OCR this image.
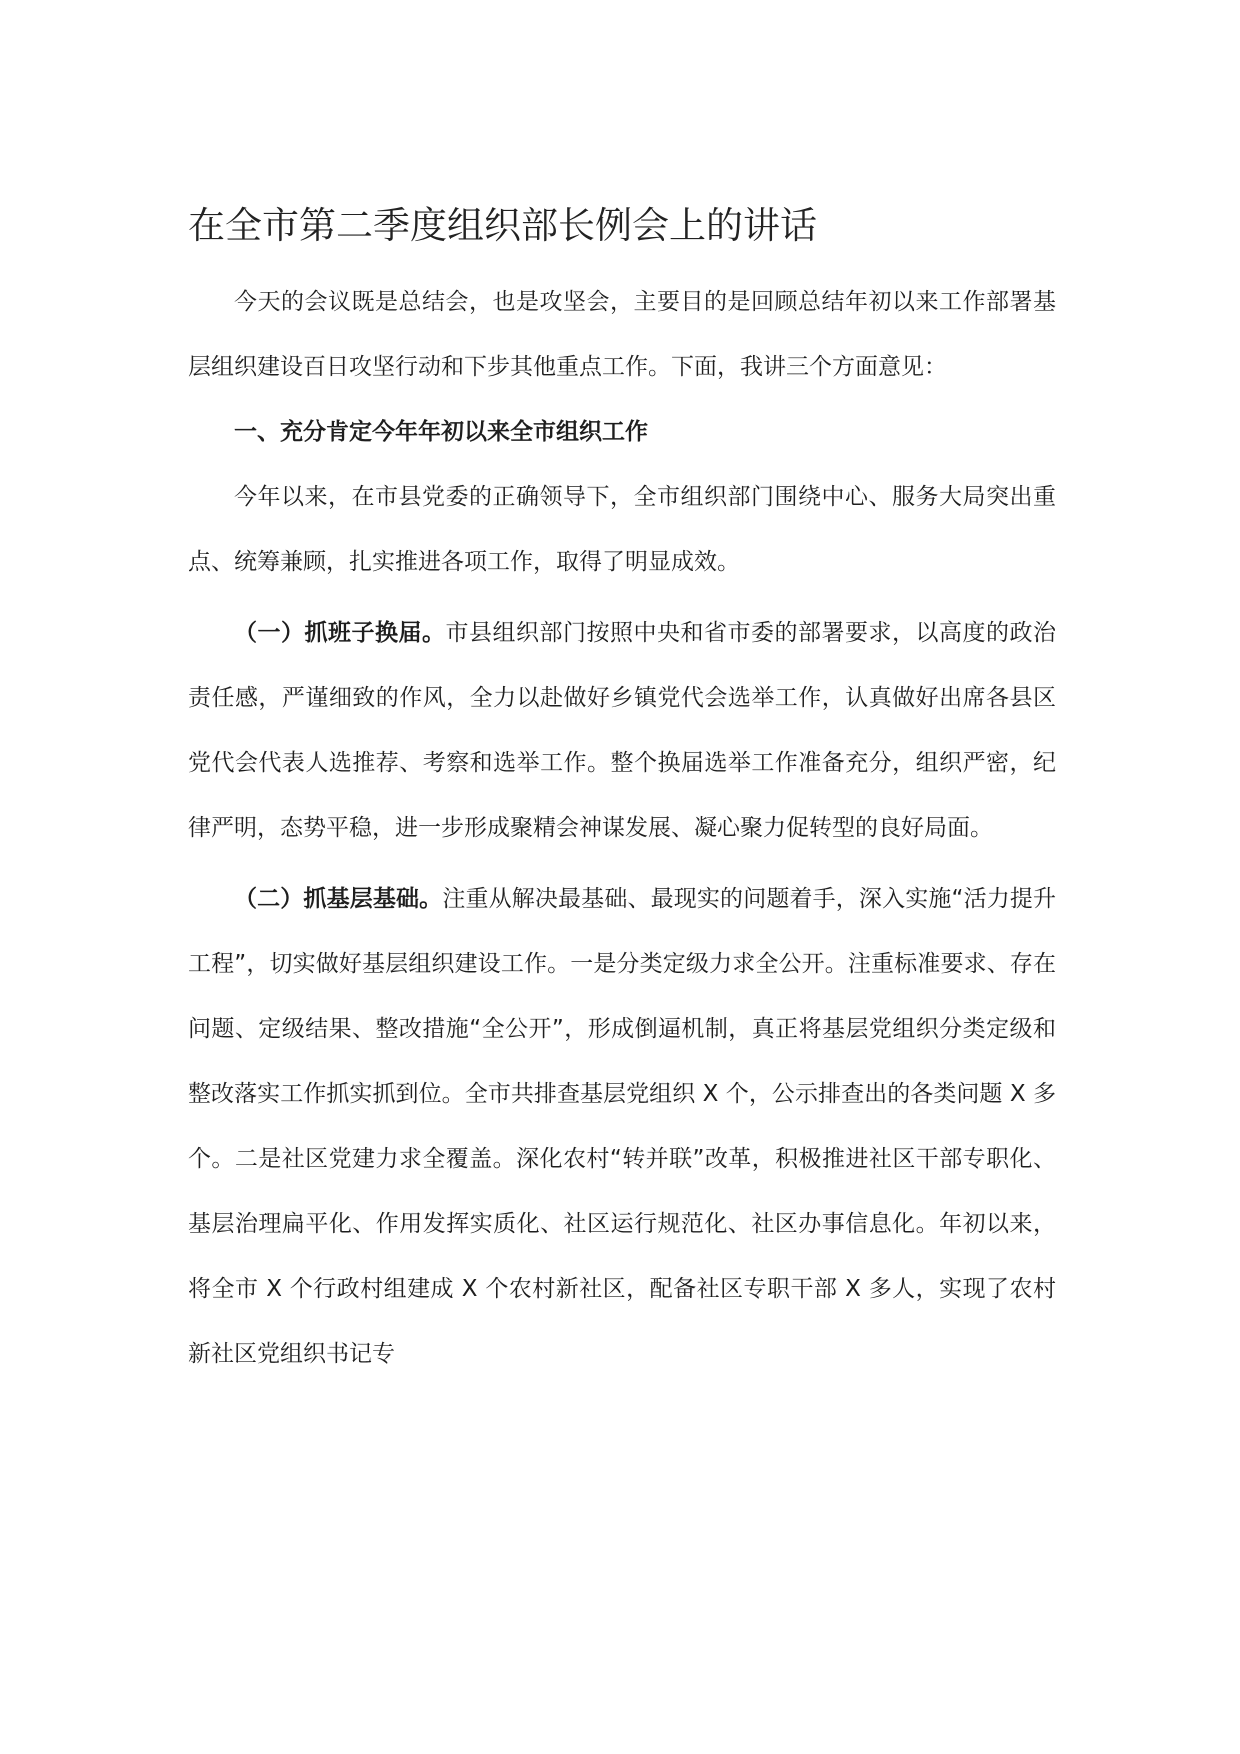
在全市第二季度组织部长例会上的讲话

今天的会议既是总结会，也是攻坚会，主要目的是回顾总结年初以来工作部署基层组织建设百日攻坚行动和下步其他重点工作。下面，我讲三个方面意见：

一、充分肯定今年年初以来全市组织工作

今年以来，在市县党委的正确领导下，全市组织部门围绕中心、服务大局突出重点、统筹兼顾，扎实推进各项工作，取得了明显成效。

（一）抓班子换届。市县组织部门按照中央和省市委的部署要求，以高度的政治责任感，严谨细致的作风，全力以赴做好乡镇党代会选举工作，认真做好出席各县区党代会代表人选推荐、考察和选举工作。整个换届选举工作准备充分，组织严密，纪律严明，态势平稳，进一步形成聚精会神谋发展、凝心聚力促转型的良好局面。

（二）抓基层基础。注重从解决最基础、最现实的问题着手，深入实施“活力提升工程”，切实做好基层组织建设工作。一是分类定级力求全公开。注重标准要求、存在问题、定级结果、整改措施“全公开”，形成倒逼机制，真正将基层党组织分类定级和整改落实工作抓实抓到位。全市共排查基层党组织 X 个，公示排查出的各类问题 X 多个。二是社区党建力求全覆盖。深化农村“转并联”改革，积极推进社区干部专职化、基层治理扁平化、作用发挥实质化、社区运行规范化、社区办事信息化。年初以来，将全市 X 个行政村组建成 X 个农村新社区，配备社区专职干部 X 多人，实现了农村新社区党组织书记专
